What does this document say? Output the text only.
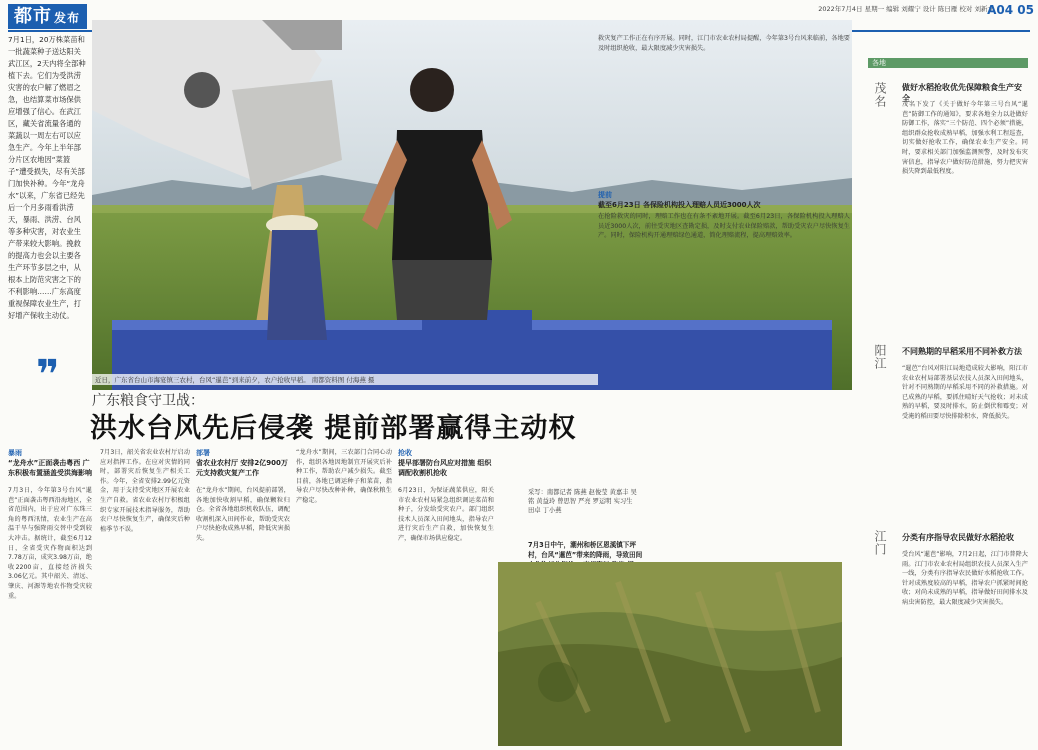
都市 发布
2022年7月4日 星期一 编辑 刘耀宁 设计 陈曰雁 校对 刘新文
A04 05
7月1日，20万株菜苗和一批蔬菜种子送达阳关武江区，2天内将全部种植下去。它们为受洪涝灾害的农户解了燃眉之急，也结算菜市场保供应增强了信心。在武江区，藏关省流量各通的菜蔬以一周左右可以应急生产。今年上半年部分片区农地因“菜篮子”遭受损失，尽有关部门加快补种。今年“龙舟水”以来，广东省已经先后一个月多雨看洪涝天，暴雨、洪涝、台风等多种灾害，对农业生产带来较大影响。挽救的提高力也会以主要各生产环节多层之中，从根本上防范灾害之下的不利影响……广东高度重视保障农业生产，打好增产保收主动仗。
❞	近日，广东省台山市海宴镇三农村，台风“暹芭”到来前夕，农户抢收早稻。 南都资料图 付海燕 摄
广东粮食守卫战：
洪水台风先后侵袭 提前部署赢得主动权
暴雨
“龙舟水”正面袭击粤西 广东积极布置涵盖受洪海影响
7月3日，今年第3号台风“暹芭”正面袭击粤西沿海地区，全省范围内，出于应对广东珠三角的粤西汛情，农业生产在高温干旱与强降雨交替中受到较大冲击。据统计，截至6月12日，全省受灾作物面积达到7.78万亩，成灾3.98万亩，绝收2200亩，直接经济损失3.06亿元。其中韶关、清远、肇庆、河源等地农作物受灾较重。
7月3日，韶关省农业农村厅启动应对指挥工作。在应对灾情的同时，部署灾后恢复生产相关工作。今年，全省安排2.99亿元资金，用于支持受灾地区开展农业生产自救。省农业农村厅积极组织专家开展技术指导服务，帮助农户尽快恢复生产，确保灾后种植季节不误。
部署
省农业农村厅 安排2亿900万元支持救灾复产工作
在“龙舟水”期间，台风提前部署，各地加快收割早稻，确保颗粒归仓。全省各地组织机收队伍，调配收割机深入田间作业，帮助受灾农户尽快抢收成熟早稻，降低灾害损失。
“龙舟水”期间，三农部门合同心动作，组织各地因地制宜开展灾后补种工作，帮助农户减少损失。截至目前，各地已调运种子和菜苗，指导农户尽快改种补种，确保秋粮生产稳定。
抢收
提早部署防台风应对措施 组织调配收割机抢收
6月23日，为保证蔬菜供应，阳关市农业农村局紧急组织调运菜苗和种子，分发给受灾农户。部门组织技术人员深入田间地头，指导农户进行灾后生产自救，加快恢复生产，确保市场供应稳定。
救灾复产工作正在有序开展。同时，江门市农业农村局提醒，今年第3号台风来临前，各地要及时组织抢收，最大限度减少灾害损失。
提前
截至6月23日 各保险机构投入理赔人员近3000人次
在抢险救灾的同时，理赔工作也在有条不紊地开展。截至6月23日，各保险机构投入理赔人员近3000人次，前往受灾地区查勘定损，及时支付农业保险赔款，帮助受灾农户尽快恢复生产。同时，保险机构开通理赔绿色通道，简化理赔流程，提高理赔效率。
采写：南都记者 陈燕 赵俊莹 黄嘉丰 吴铭 黄益玲 曾思智 严亮 罗运明 实习生 田卓 丁小燕
7月3日中午，潮州和桥区恩溪镇下坪村，台风“暹芭”带来的降雨，导致田间
各地
茂名 做好水稻抢收优先保障粮食生产安全
茂名下发了《关于做好今年第三号台风“暹芭”防御工作的通知》，要求各地全力以赴做好防御工作，落实“三个防范、四个必须”措施，组织群众抢收成熟早稻，加强水利工程巡查，切实做好抢收工作，确保农业生产安全。同时，要求相关部门加强监测预警，及时发布灾害信息，指导农户做好防范措施，努力把灾害损失降到最低程度。
阳江 不同熟期的早稻采用不同补救方法
“暹芭”台风对阳江局地造成较大影响，阳江市农业农村局部署基层农技人员深入田间地头，针对不同熟期的早稻采用不同的补救措施。对已成熟的早稻，要抓住晴好天气抢收；对未成熟的早稻，要及时排水，防止倒伏和霉变；对受淹的稻田要尽快排除积水，降低损失。
江门 分类有序指导农民做好水稻抢收
受台风“暹芭”影响，7月2日起，江门市普降大雨。江门市农业农村局组织农技人员深入生产一线，分类有序指导农民做好水稻抢收工作。针对成熟度较高的早稻，指导农户抓紧时间抢收；对尚未成熟的早稻，指导做好田间排水及病虫害防控，最大限度减少灾害损失。
